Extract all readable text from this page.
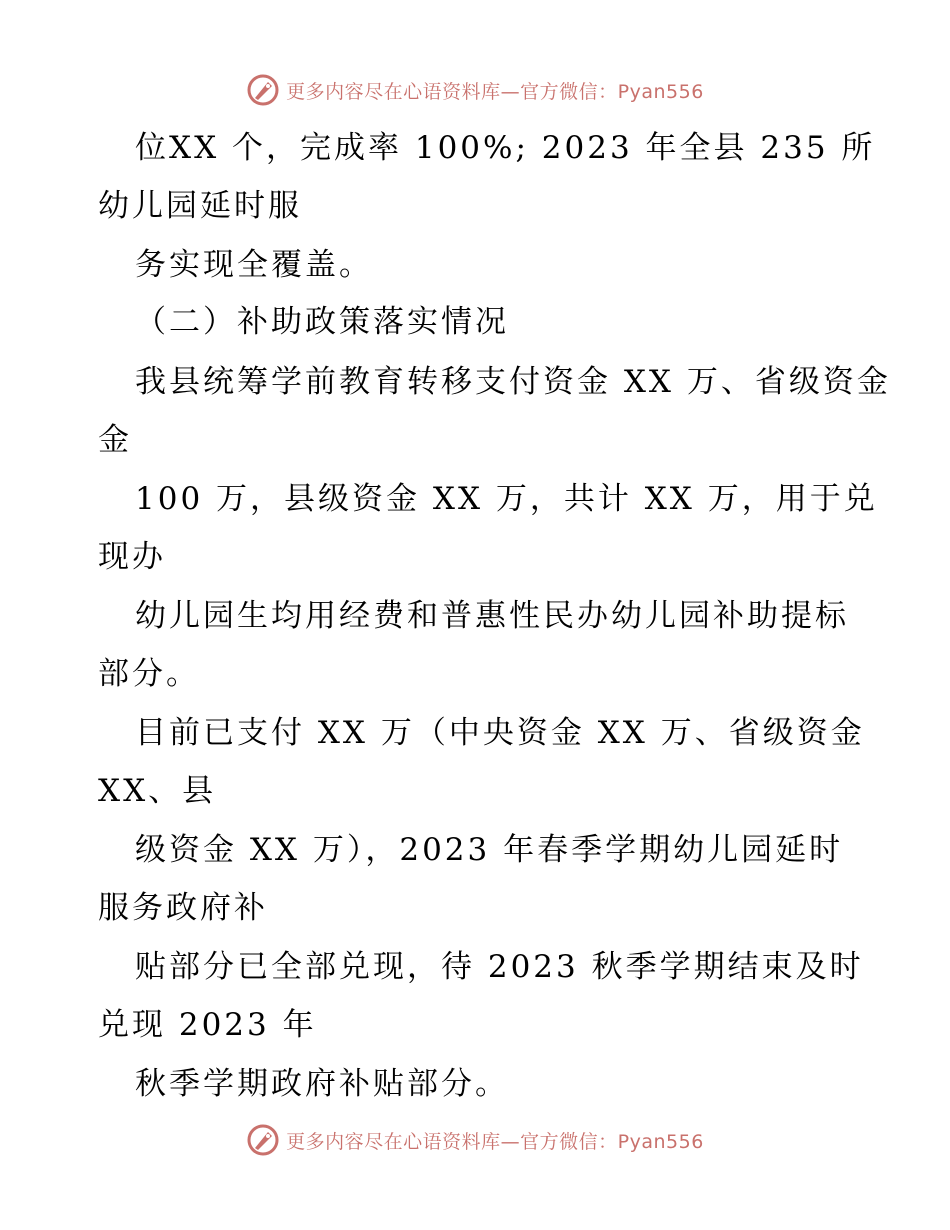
更多内容尽在心语资料库—官方微信：Pyan556
位XX 个，完成率 100%; 2023 年全县 235 所
幼儿园延时服
务实现全覆盖。
（二）补助政策落实情况
我县统筹学前教育转移支付资金 XX 万、省级资金
金
100 万，县级资金 XX 万，共计 XX 万，用于兑
现办
幼儿园生均用经费和普惠性民办幼儿园补助提标
部分。
目前已支付 XX 万（中央资金 XX 万、省级资金
XX、县
级资金 XX 万），2023 年春季学期幼儿园延时
服务政府补
贴部分已全部兑现，待 2023 秋季学期结束及时
兑现 2023 年
秋季学期政府补贴部分。
更多内容尽在心语资料库—官方微信：Pyan556
